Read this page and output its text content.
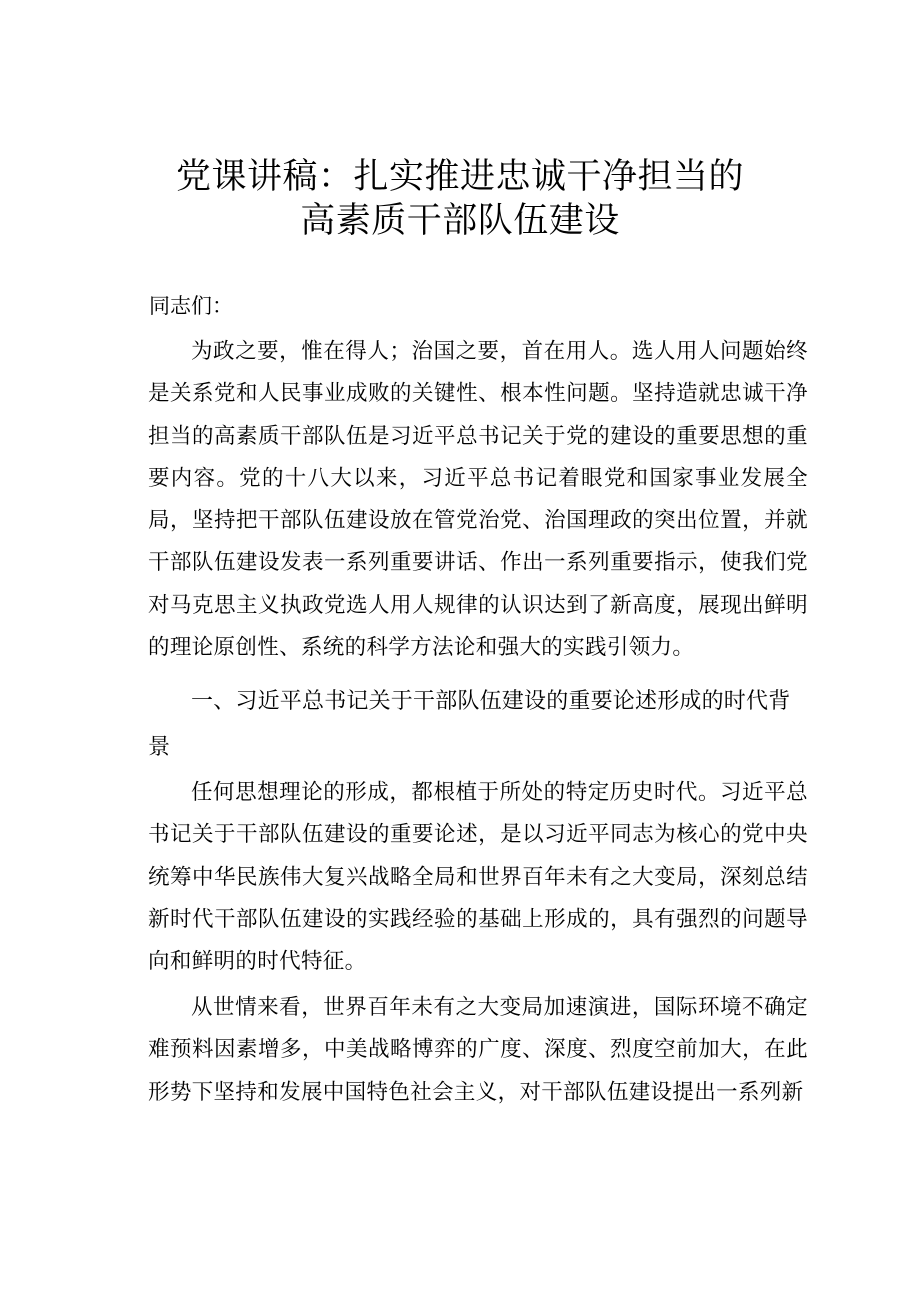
党课讲稿：扎实推进忠诚干净担当的
高素质干部队伍建设
同志们：

为政之要，惟在得人；治国之要，首在用人。选人用人问题始终是关系党和人民事业成败的关键性、根本性问题。坚持造就忠诚干净担当的高素质干部队伍是习近平总书记关于党的建设的重要思想的重要内容。党的十八大以来，习近平总书记着眼党和国家事业发展全局，坚持把干部队伍建设放在管党治党、治国理政的突出位置，并就干部队伍建设发表一系列重要讲话、作出一系列重要指示，使我们党对马克思主义执政党选人用人规律的认识达到了新高度，展现出鲜明的理论原创性、系统的科学方法论和强大的实践引领力。

一、习近平总书记关于干部队伍建设的重要论述形成的时代背景

任何思想理论的形成，都根植于所处的特定历史时代。习近平总书记关于干部队伍建设的重要论述，是以习近平同志为核心的党中央统筹中华民族伟大复兴战略全局和世界百年未有之大变局，深刻总结新时代干部队伍建设的实践经验的基础上形成的，具有强烈的问题导向和鲜明的时代特征。

从世情来看，世界百年未有之大变局加速演进，国际环境不确定难预料因素增多，中美战略博弈的广度、深度、烈度空前加大，在此形势下坚持和发展中国特色社会主义，对干部队伍建设提出一系列新
